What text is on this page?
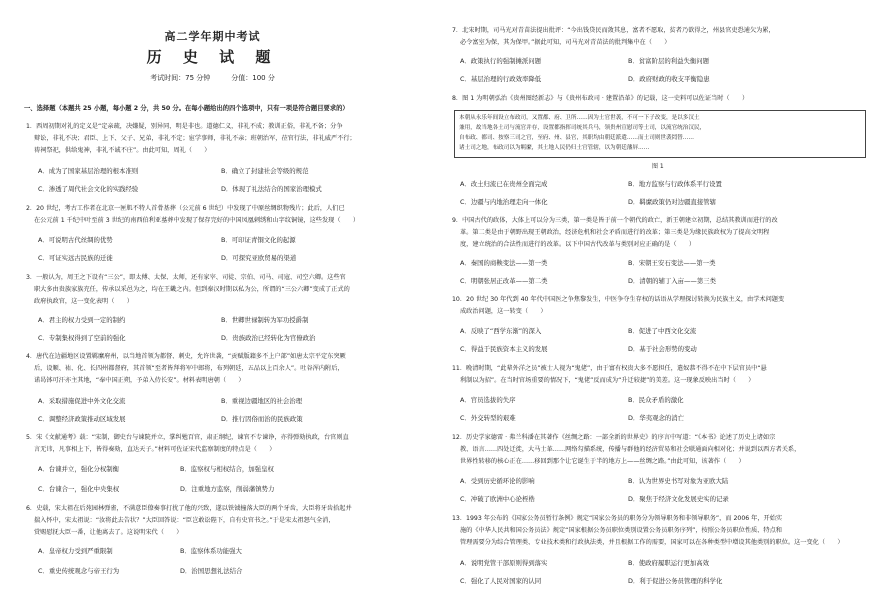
高二学年期中考试
历 史 试 题
考试时间：75 分钟　　　分值：100 分
一、选择题（本题共 25 小题，每小题 2 分，共 50 分。在每小题给出的四个选项中，只有一项是符合题目要求的）
1．西周初期对礼的定义是“定亲疏，决嫌疑，别异同，明是非也。道德仁义，非礼不成；教训正俗，非礼不备；分争
辩讼，非礼不决；君臣、上下、父子、兄弟，非礼不定；宦学事师，非礼不亲；班朝治军，莅官行法，非礼威严不行；
祷祠祭祀，供给鬼神，非礼不诚不庄”。由此可知，周礼（　　）
A．成为了国家基层治理的根本准则	B．确立了封建社会等级的规范
C．渗透了周代社会文化的实践经验	D．体现了礼法结合的国家治理模式
2．20 世纪，考古工作者在北京一匣肌不特人首骨基葬（公元前 6 世纪）中发现了中原丝绸织物残片；此后，人们已
在公元前 1 千纪中叶至前 3 世纪的南西伯利亚墓葬中发现了保存完好的中国凤凰刺绣和山字纹铜镜，这些发现（　　）
A．可说明古代丝绸的优势	B．可印证青铜文化的起源
C．可证实远古民族的迁徙	D．可探究亚欧贸易的渠道
3．一般认为，周王之下设有“三公”，即太傅、太保、太师，还有家宰、司徒、宗伯、司马、司寇、司空六卿。这些官
职大多由贵族家族充任，传承以采邑为之，均在王畿之内。但到秦汉时期以私为公，所谓的“三公六卿”变成了正式的
政府执政官，这一变化表明（　　）
A．君主的权力受到一定的制约	B．世卿世禄制转为军功授爵制
C．专制集权得到了空前的强化	D．贵族政治已经转化为官僚政治
4．唐代在边疆地区设置羁縻府州，以当地首领为都督、刺史，允许世袭，“贡赋版籍多不上户部”如唐太宗平定东突厥
后，设顺、祐、化、长四州都督府，其首领“至者皆拜将军中郎将，布列朝廷，五品以上百余人”。吐谷浑内附后，
诺曷钵可汗亦主其地，“奉中国正朔，予弟入侍长安”。材料表明唐朝（　　）
A．采取措施促进中外文化交流	B．重视边疆地区的社会治理
C．调整经济政策推动区域发展	D．推行因俗而治的民族政策
5．宋《文献通考》载：“宋制，御史台与谏院并立，掌纠勉百官，肃正纲纪，谏官不专谏诤，亦得弹劾执政，台官则直
言无讳，凡事相上下，皆得奏劾，直达天子。”材料可佐证宋代监察制度的特点是（　　）
A．台谏并立，强化分权制衡	B．监察权与相权结合，加强皇权
C．台谏合一，强化中央集权	D．注重地方监察，削弱藩镇势力
6．史载，宋太祖在后苑园林弹雀，不满意臣僚奏事打扰了他的兴致，遂以铁钺撞落大臣的两个牙齿，大臣将牙齿拾起并
揣入怀中，宋太祖说：“汝将此去告状？”大臣回答说：“臣岂敢讼陛下，自有史官书之。”于是宋太祖怒气全消，
赏赐慰抚大臣一番，让他离去了。这说明宋代（　　）
A．皇帝权力受到严重限制	B．监察体系功能强大
C．重史传统观念与帝王行为	D．治国思想礼法结合
7．北宋时期，司马光对青苗法提出批评：“今出钱贷民而敛其息，富者不愿取，贫者乃欲得之，州县官吏恐逋欠为累，
必令富室为保，其为保甲。”据此可知，司马光对青苗法的批判集中在（　　）
A．政策执行的强制摊派问题	B．贫富阶层的利益失衡问题
C．基层治理的行政效率降低	D．政府财政的收支平衡隐患
8．图 1 为明朝弘治《贵州图经新志》与《贵州布政司 · 建置沿革》的记载，这一史料可以佐证当时（　　）
本朝从永乐年间设立布政司，又置都、府、卫所……因为土官世袭，不可一下子改变，是以多汉土
兼用，故当地各土司与流官并存，设置都指挥司统其兵马，领贵州宣慰司等土司，以流官统治汉民，
自布政、都司、按察三司之官，至府、州、县官，其职均由朝廷派遣……而土司则世袭罔替……
诸土司之地，布政司以为羁縻，其土地人民仍归土官管辖，以为朝廷藩屏……
图 1
A．改土归流已在贵州全面完成	B．地方监察与行政体系平行设置
C．边疆与内地治理走向一体化	D．羁縻政策仍对边疆直接管辖
9．中国古代的政体，大体上可以分为三类，第一类是皆于前一个朝代的政亡，新王朝建立初期，总结其教训而进行的改
革。第二类是由于朝野出现王朝政治，经济危机和社会矛盾而进行的改革；第三类是为缘民族政权为了提高文明程
度，建立统治的合法性而进行的改革。以下中国古代改革与类别对应正确的是（　　）
A．秦国的商鞅变法——第一类	B．宋朝王安石变法——第一类
C．明朝张居正改革——第二类	D．清朝的辅丁入亩——第三类
10．20 世纪 30 年代到 40 年代中国医之争焦黎发生，中医争夺生存权的话语从学理探讨转换为民族主义，由学术问题变
成政治问题，这一转变（　　）
A．反映了“西学东渐”的深入	B．促进了中西文化交流
C．得益于民族资本主义的发展	D．基于社会形势的变动
11．晚清时期，“此辈外洋之员”被士人视为“鬼佬”，由于富有权贵大多不愿担任，遣奴恭不得不在中下层官员中“悬
利制以为招”。在当时官场重要的情况下，“鬼佬”反而成为“升迁较捷”的美差。这一现象反映出当时（　　）
A．官员选拔的失序	B．民众矛盾的激化
C．外交转型的艰难	D．华夷观念的消亡
12．历史学家德雷 · 弗兰科潘在其著作《丝绸之路：一部全新的世界史》的序言中写道：“《本书》论述了历史上诸如宗
教、语言……四处迁徙，大马士革……网络勾描系统，传播与群他的经济贸易和社会联通面向相对化；并说到以西方者关系，
世界性转移的核心正在……移回到那个让它诞生于半的地方上——丝绸之路。”由此可知，该著作（　　）
A．受到历史循环论的影响	B．认为世界史书写对象为亚欧大陆
C．冲破了欧洲中心论桎梏	D．聚焦于经济文化发展史实的记录
13．1993 年公布的《国家公务员暂行条例》规定“国家公务员的职务分为领导职务和非领导职务”，而 2006 年，开始实
施的《中华人民共和国公务员法》规定“国家根据公务员职位类别设置公务员职务序列”，按照公务员职位性质、特点和
管理需要分为综合管理类、专业技术类和行政执法类，并且根据工作的需要，国家可以在各种类型中增设其他类别的职位。这一变化（　　）
A．说明党管干部原则得到落实	B．使政府履职运行更加高效
C．强化了人民对国家的认同	D．利于促进公务员管理的科学化
